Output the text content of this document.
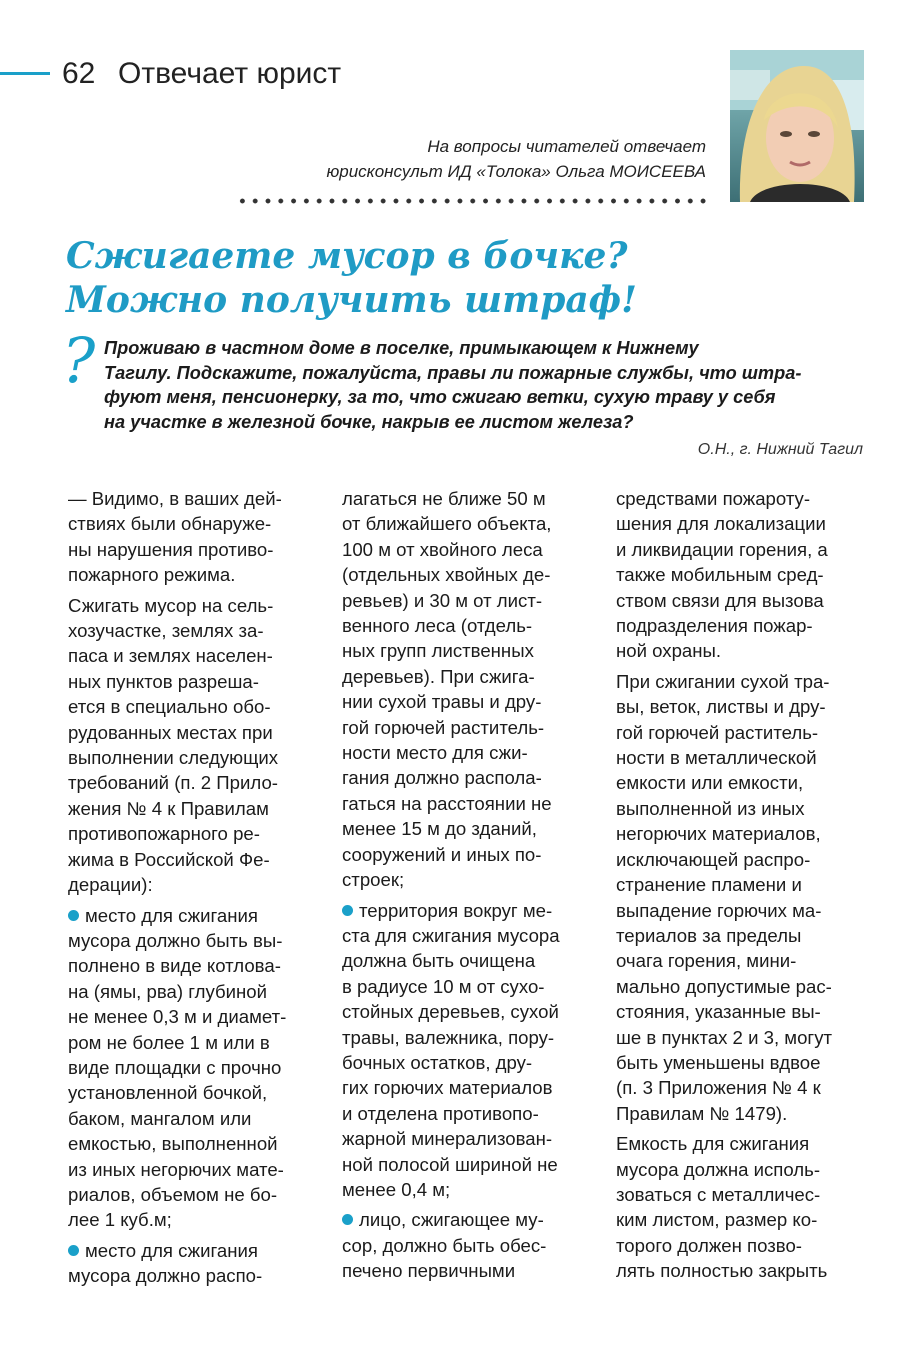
62 Отвечает юрист
На вопросы читателей отвечает
юрисконсульт ИД «Толока» Ольга МОИСЕЕВА
Сжигаете мусор в бочке?
Можно получить штраф!
? Проживаю в частном доме в поселке, примыкающем к Нижнему
Тагилу. Подскажите, пожалуйста, правы ли пожарные службы, что штра-
фуют меня, пенсионерку, за то, что сжигаю ветки, сухую траву у себя
на участке в железной бочке, накрыв ее листом железа?
О.Н., г. Нижний Тагил
— Видимо, в ваших дей-
ствиях были обнаруже-
ны нарушения противо-
пожарного режима.
Сжигать мусор на сель-
хозучастке, землях за-
паса и землях населен-
ных пунктов разреша-
ется в специально обо-
рудованных местах при
выполнении следующих
требований (п. 2 Прило-
жения № 4 к Правилам
противопожарного ре-
жима в Российской Фе-
дерации):
место для сжигания
мусора должно быть вы-
полнено в виде котлова-
на (ямы, рва) глубиной
не менее 0,3 м и диамет-
ром не более 1 м или в
виде площадки с прочно
установленной бочкой,
баком, мангалом или
емкостью, выполненной
из иных негорючих мате-
риалов, объемом не бо-
лее 1 куб.м;
место для сжигания
мусора должно распо-
лагаться не ближе 50 м
от ближайшего объекта,
100 м от хвойного леса
(отдельных хвойных де-
ревьев) и 30 м от лист-
венного леса (отдель-
ных групп лиственных
деревьев). При сжига-
нии сухой травы и дру-
гой горючей раститель-
ности место для сжи-
гания должно распола-
гаться на расстоянии не
менее 15 м до зданий,
сооружений и иных по-
строек;
территория вокруг ме-
ста для сжигания мусора
должна быть очищена
в радиусе 10 м от сухо-
стойных деревьев, сухой
травы, валежника, пору-
бочных остатков, дру-
гих горючих материалов
и отделена противопо-
жарной минерализован-
ной полосой шириной не
менее 0,4 м;
лицо, сжигающее му-
сор, должно быть обес-
печено первичными
средствами пожароту-
шения для локализации
и ликвидации горения, а
также мобильным сред-
ством связи для вызова
подразделения пожар-
ной охраны.
При сжигании сухой тра-
вы, веток, листвы и дру-
гой горючей раститель-
ности в металлической
емкости или емкости,
выполненной из иных
негорючих материалов,
исключающей распро-
странение пламени и
выпадение горючих ма-
териалов за пределы
очага горения, мини-
мально допустимые рас-
стояния, указанные вы-
ше в пунктах 2 и 3, могут
быть уменьшены вдвое
(п. 3 Приложения № 4 к
Правилам № 1479).
Емкость для сжигания
мусора должна исполь-
зоваться с металличес-
ким листом, размер ко-
торого должен позво-
лять полностью закрыть
